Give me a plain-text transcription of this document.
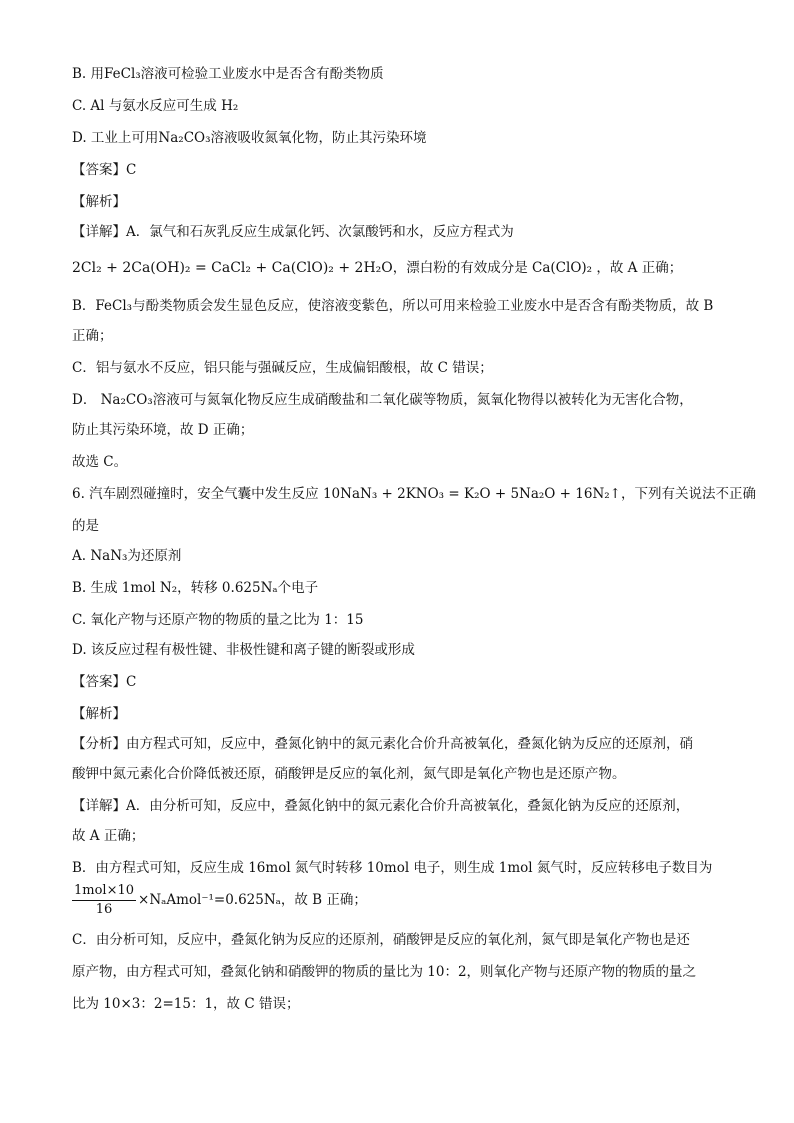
B. 用FeCl₃溶液可检验工业废水中是否含有酚类物质
C. Al 与氨水反应可生成 H₂
D. 工业上可用Na₂CO₃溶液吸收氮氧化物，防止其污染环境
【答案】C
【解析】
【详解】A．氯气和石灰乳反应生成氯化钙、次氯酸钙和水，反应方程式为
2Cl₂ + 2Ca(OH)₂ = CaCl₂ + Ca(ClO)₂ + 2H₂O，漂白粉的有效成分是 Ca(ClO)₂ ，故 A 正确；
B．FeCl₃与酚类物质会发生显色反应，使溶液变紫色，所以可用来检验工业废水中是否含有酚类物质，故 B
正确；
C．铝与氨水不反应，铝只能与强碱反应，生成偏铝酸根，故 C 错误；
D． Na₂CO₃溶液可与氮氧化物反应生成硝酸盐和二氧化碳等物质，氮氧化物得以被转化为无害化合物，
防止其污染环境，故 D 正确；
故选 C。
6. 汽车剧烈碰撞时，安全气囊中发生反应 10NaN₃ + 2KNO₃ = K₂O + 5Na₂O + 16N₂↑，下列有关说法不正确
的是
A. NaN₃为还原剂
B. 生成 1mol N₂，转移 0.625Nₐ个电子
C. 氧化产物与还原产物的物质的量之比为 1：15
D. 该反应过程有极性键、非极性键和离子键的断裂或形成
【答案】C
【解析】
【分析】由方程式可知，反应中，叠氮化钠中的氮元素化合价升高被氧化，叠氮化钠为反应的还原剂，硝
酸钾中氮元素化合价降低被还原，硝酸钾是反应的氧化剂，氮气即是氧化产物也是还原产物。
【详解】A．由分析可知，反应中，叠氮化钠中的氮元素化合价升高被氧化，叠氮化钠为反应的还原剂，
故 A 正确；
B．由方程式可知，反应生成 16mol 氮气时转移 10mol 电子，则生成 1mol 氮气时，反应转移电子数目为
$\frac{\text{1mol×10}}{16}$ ×NₐAmol⁻¹=0.625Nₐ，故 B 正确；
C．由分析可知，反应中，叠氮化钠为反应的还原剂，硝酸钾是反应的氧化剂，氮气即是氧化产物也是还
原产物，由方程式可知，叠氮化钠和硝酸钾的物质的量比为 10：2，则氧化产物与还原产物的物质的量之
比为 10×3：2=15：1，故 C 错误；
